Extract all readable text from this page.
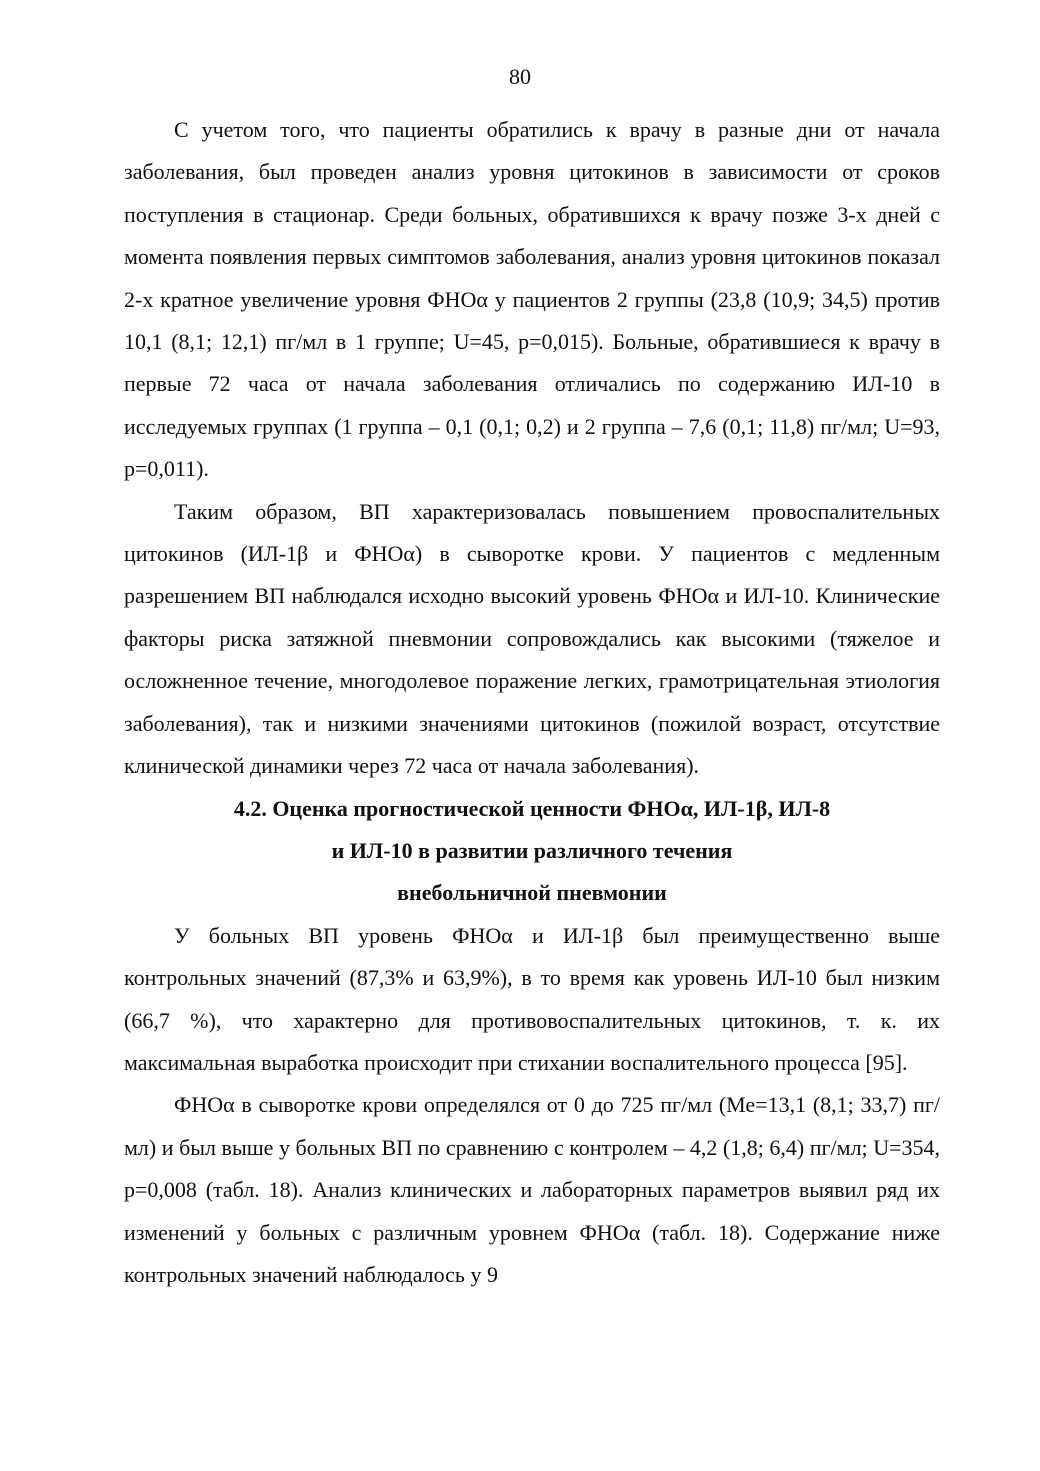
80

С учетом того, что пациенты обратились к врачу в разные дни от начала заболевания, был проведен анализ уровня цитокинов в зависимости от сроков поступления в стационар. Среди больных, обратившихся к врачу позже 3-х дней с момента появления первых симптомов заболевания, анализ уровня цитокинов показал 2-х кратное увеличение уровня ФНОα у пациентов 2 группы (23,8 (10,9; 34,5) против 10,1 (8,1; 12,1) пг/мл в 1 группе; U=45, p=0,015). Больные, обратившиеся к врачу в первые 72 часа от начала заболевания отличались по содержанию ИЛ-10 в исследуемых группах (1 группа – 0,1 (0,1; 0,2) и 2 группа – 7,6 (0,1; 11,8) пг/мл; U=93, p=0,011).

Таким образом, ВП характеризовалась повышением провоспалительных цитокинов (ИЛ-1β и ФНОα) в сыворотке крови. У пациентов с медленным разрешением ВП наблюдался исходно высокий уровень ФНОα и ИЛ-10. Клинические факторы риска затяжной пневмонии сопровождались как высокими (тяжелое и осложненное течение, многодолевое поражение легких, грамотрицательная этиология заболевания), так и низкими значениями цитокинов (пожилой возраст, отсутствие клинической динамики через 72 часа от начала заболевания).

4.2. Оценка прогностической ценности ФНОα, ИЛ-1β, ИЛ-8

и ИЛ-10 в развитии различного течения

внебольничной пневмонии

У больных ВП уровень ФНОα и ИЛ-1β был преимущественно выше контрольных значений (87,3% и 63,9%), в то время как уровень ИЛ-10 был низким (66,7 %), что характерно для противовоспалительных цитокинов, т. к. их максимальная выработка происходит при стихании воспалительного процесса [95].

ФНОα в сыворотке крови определялся от 0 до 725 пг/мл (Ме=13,1 (8,1; 33,7) пг/мл) и был выше у больных ВП по сравнению с контролем – 4,2 (1,8; 6,4) пг/мл; U=354, p=0,008 (табл. 18). Анализ клинических и лабораторных параметров выявил ряд их изменений у больных с различным уровнем ФНОα (табл. 18). Содержание ниже контрольных значений наблюдалось у 9
